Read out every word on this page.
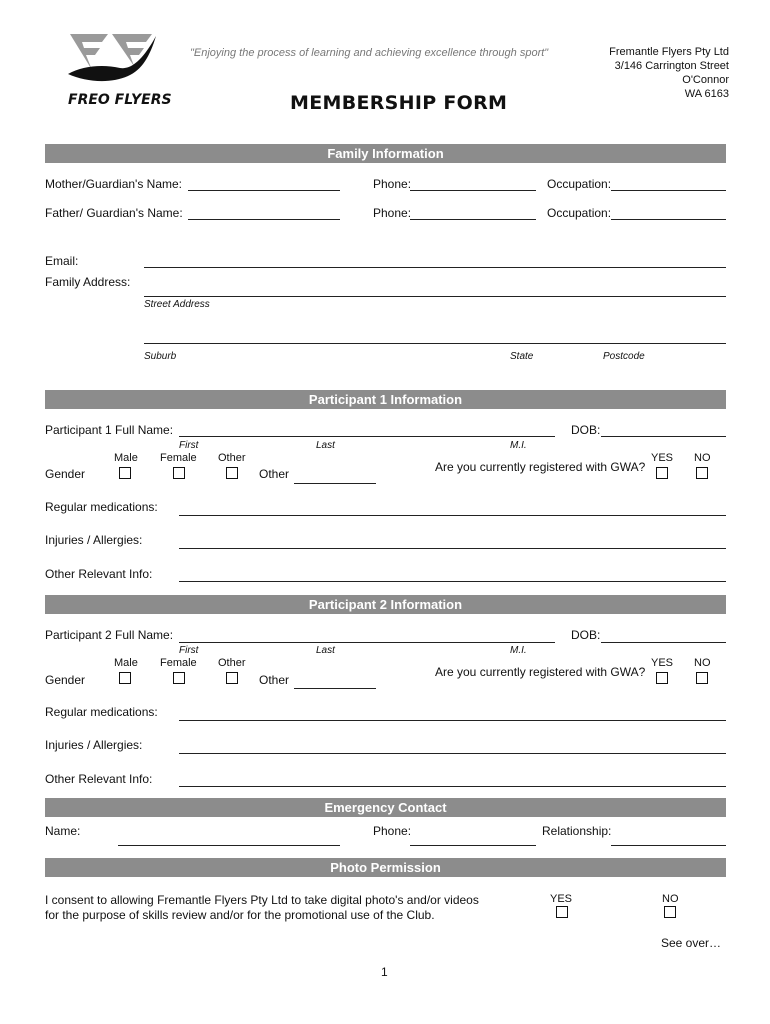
FREO FLYERS
"Enjoying the process of learning and achieving excellence through sport"
MEMBERSHIP FORM
Fremantle Flyers Pty Ltd
3/146 Carrington Street
O'Connor
WA 6163
Family Information
Mother/Guardian's Name:	Phone:	Occupation:
Father/ Guardian's Name:	Phone:	Occupation:
Email:
Family Address:
Street Address
Suburb	State	Postcode
Participant 1 Information
Participant 1 Full Name:	DOB:
First	Last	M.I.
Male Female Other
Gender	Other	Are you currently registered with GWA?
YES NO
Regular medications:
Injuries / Allergies:
Other Relevant Info:
Participant 2 Information
Participant 2 Full Name:	DOB:
First	Last	M.I.
Male Female Other
Gender	Other
Are you currently registered with GWA?
YES NO
Regular medications:
Injuries / Allergies:
Other Relevant Info:
Emergency Contact
Name:	Phone:	Relationship:
Photo Permission
I consent to allowing Fremantle Flyers Pty Ltd to take digital photo's and/or videos
for the purpose of skills review and/or for the promotional use of the Club.
YES	NO
See over…
1
